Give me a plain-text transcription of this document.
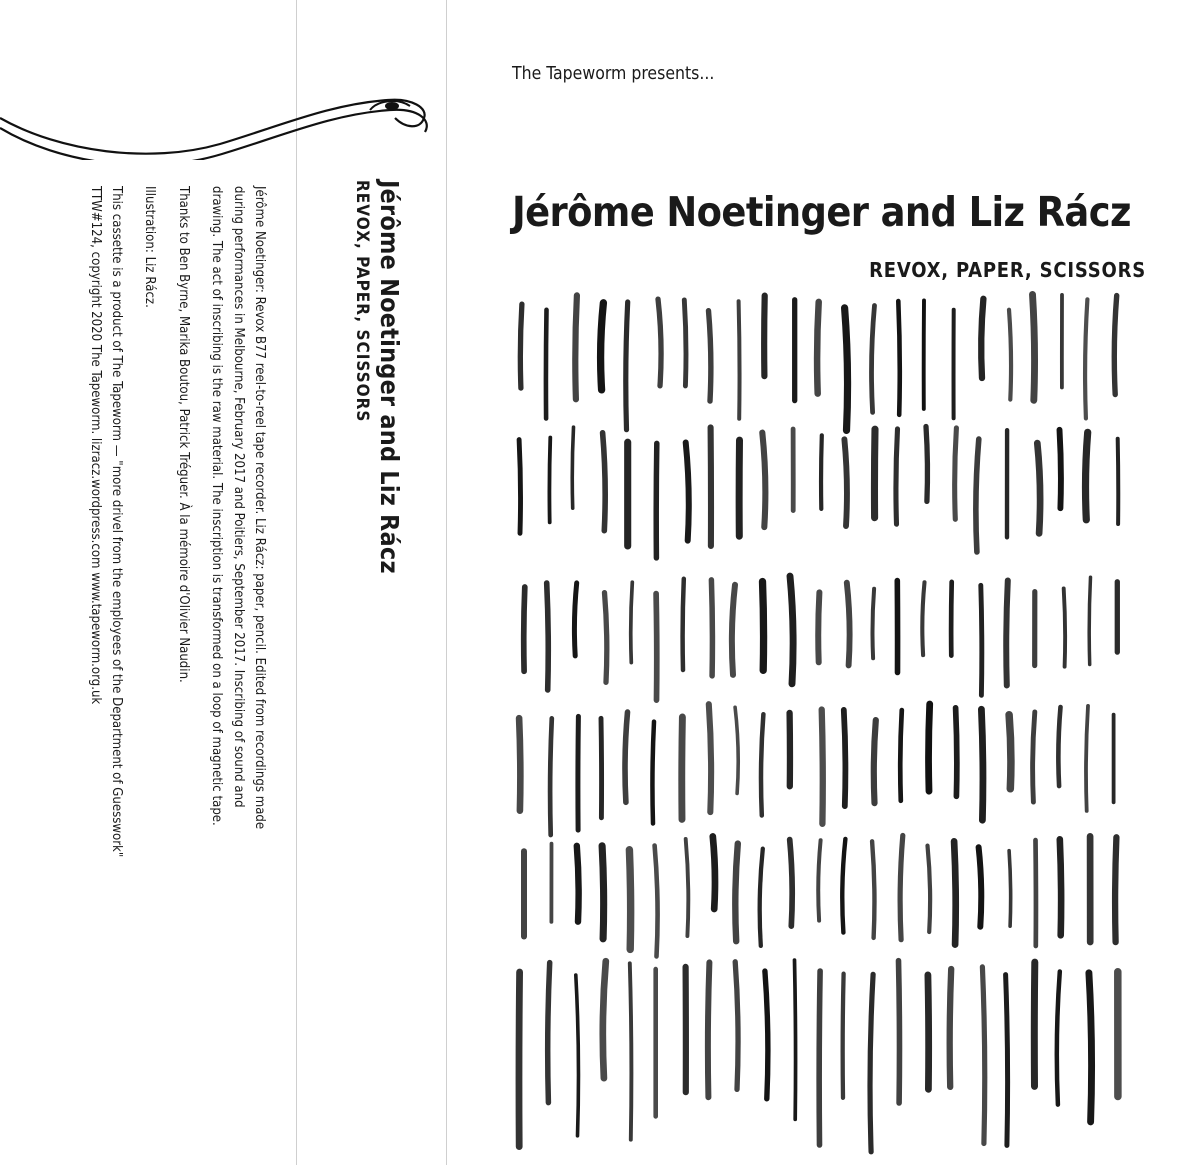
Jérôme Noetinger and Liz Rácz
REVOX, PAPER, SCISSORS

Jérôme Noetinger: Revox B77 reel-to-reel tape recorder. Liz Rácz: paper, pencil. Edited from recordings made

during performances in Melbourne, February 2017 and Poitiers, September 2017. Inscribing of sound and

drawing. The act of inscribing is the raw material. The inscription is transformed on a loop of magnetic tape.

Thanks to Ben Byrne, Marika Boutou, Patrick Tréguer. À la mémoire d'Olivier Naudin.

Illustration: Liz Rácz.

This cassette is a product of The Tapeworm — "more drivel from the employees of the Department of Guesswork"

TTW#124, copyright 2020 The Tapeworm. lizracz.wordpress.com www.tapeworm.org.uk

The Tapeworm presents...
Jérôme Noetinger and Liz Rácz
REVOX, PAPER, SCISSORS
